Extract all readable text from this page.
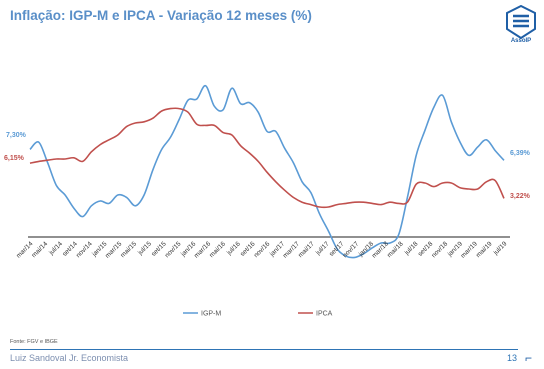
Inflação: IGP-M e IPCA - Variação 12 meses (%)
AssoIP
mar/14
mai/14
jul/14
set/14
nov/14
jan/15
mar/15
mai/15
jul/15
set/15
nov/15
jan/16
mar/16
mai/16
jul/16
set/16
nov/16
jan/17
mar/17
mai/17
jul/17
set/17
nov/17
jan/18
mar/18
mai/18
jul/18
set/18
nov/18
jan/19
mar/19
mai/19
jul/19
7,30%
6,15%
6,39%
3,22%
IGP-M	IPCA
Fonte: FGV e IBGE
Luiz Sandoval Jr. Economista	13 ⌐
